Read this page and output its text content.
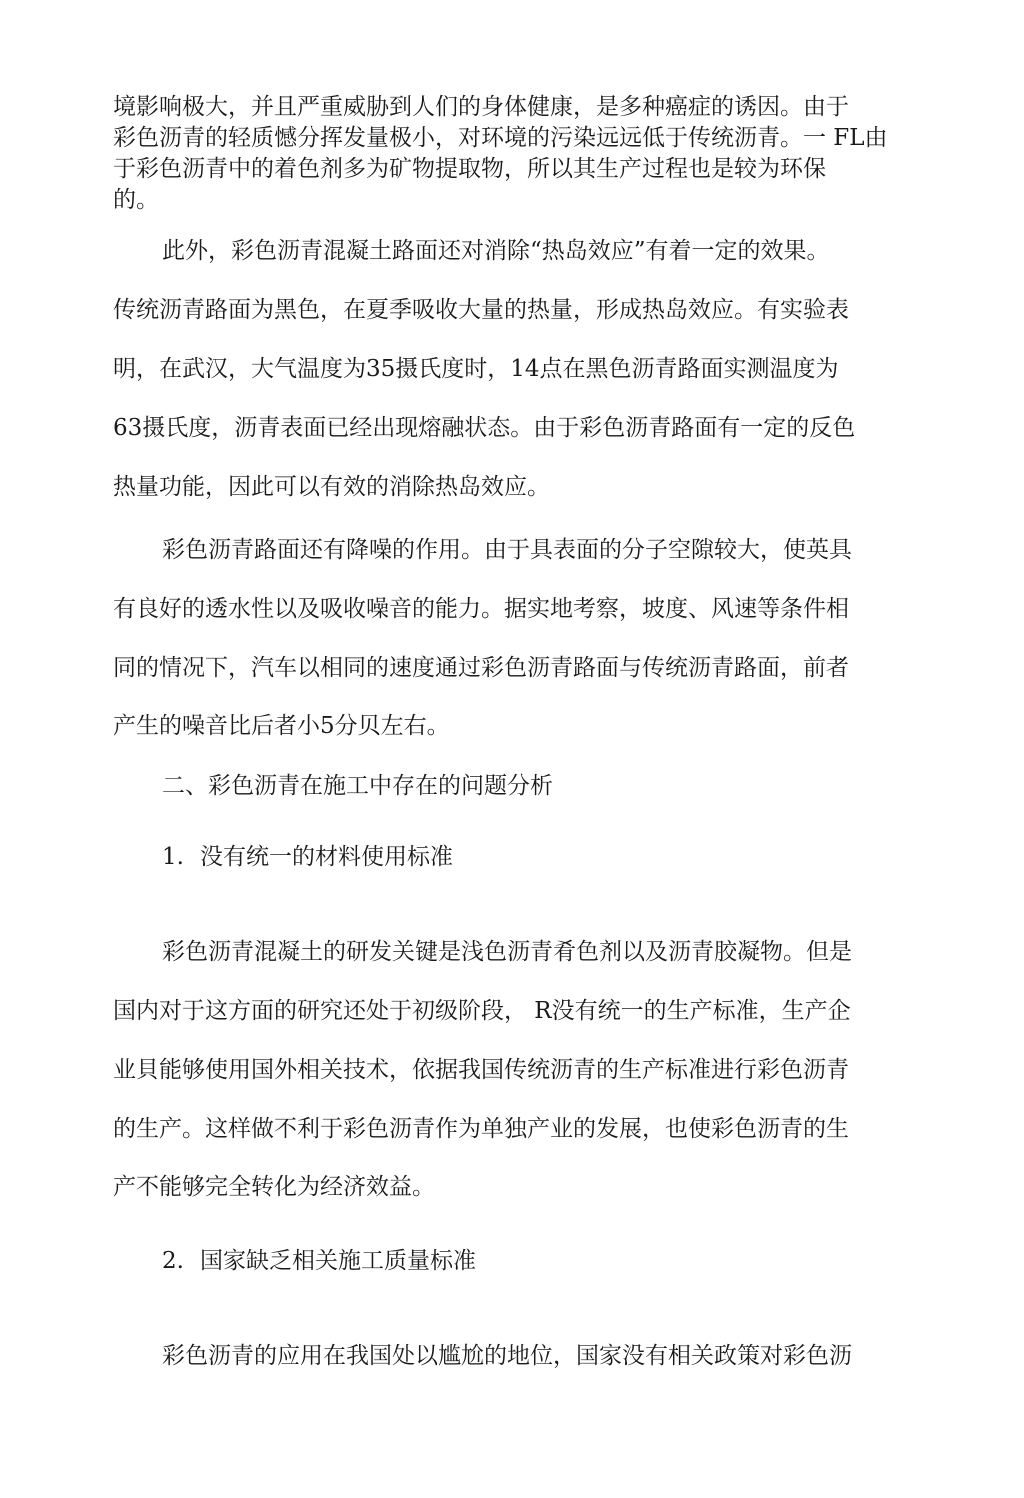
境影响极大，并且严重威胁到人们的身体健康，是多种癌症的诱因。由于
彩色沥青的轻质憾分挥发量极小，对环境的污染远远低于传统沥青。一 FL由
于彩色沥青中的着色剂多为矿物提取物，所以其生产过程也是较为环保
的。
此外，彩色沥青混凝土路面还对消除“热岛效应”有着一定的效果。
传统沥青路面为黑色，在夏季吸收大量的热量，形成热岛效应。有实验表
明，在武汉，大气温度为35摄氏度时，14点在黑色沥青路面实测温度为
63摄氏度，沥青表面已经出现熔融状态。由于彩色沥青路面有一定的反色
热量功能，因此可以有效的消除热岛效应。
彩色沥青路面还有降噪的作用。由于具表面的分子空隙较大，使英具
有良好的透水性以及吸收噪音的能力。据实地考察，坡度、风速等条件相
同的情况下，汽车以相同的速度通过彩色沥青路面与传统沥青路面，前者
产生的噪音比后者小5分贝左右。
二、彩色沥青在施工中存在的问题分析
1. 没有统一的材料使用标准
彩色沥青混凝土的研发关键是浅色沥青肴色剂以及沥青胶凝物。但是
国内对于这方面的研究还处于初级阶段， R没有统一的生产标准，生产企
业貝能够使用国外相关技术，依据我国传统沥青的生产标准进行彩色沥青
的生产。这样做不利于彩色沥青作为单独产业的发展，也使彩色沥青的生
产不能够完全转化为经济效益。
2. 国家缺乏相关施工质量标准
彩色沥青的应用在我国处以尴尬的地位，国家没有相关政策对彩色沥
